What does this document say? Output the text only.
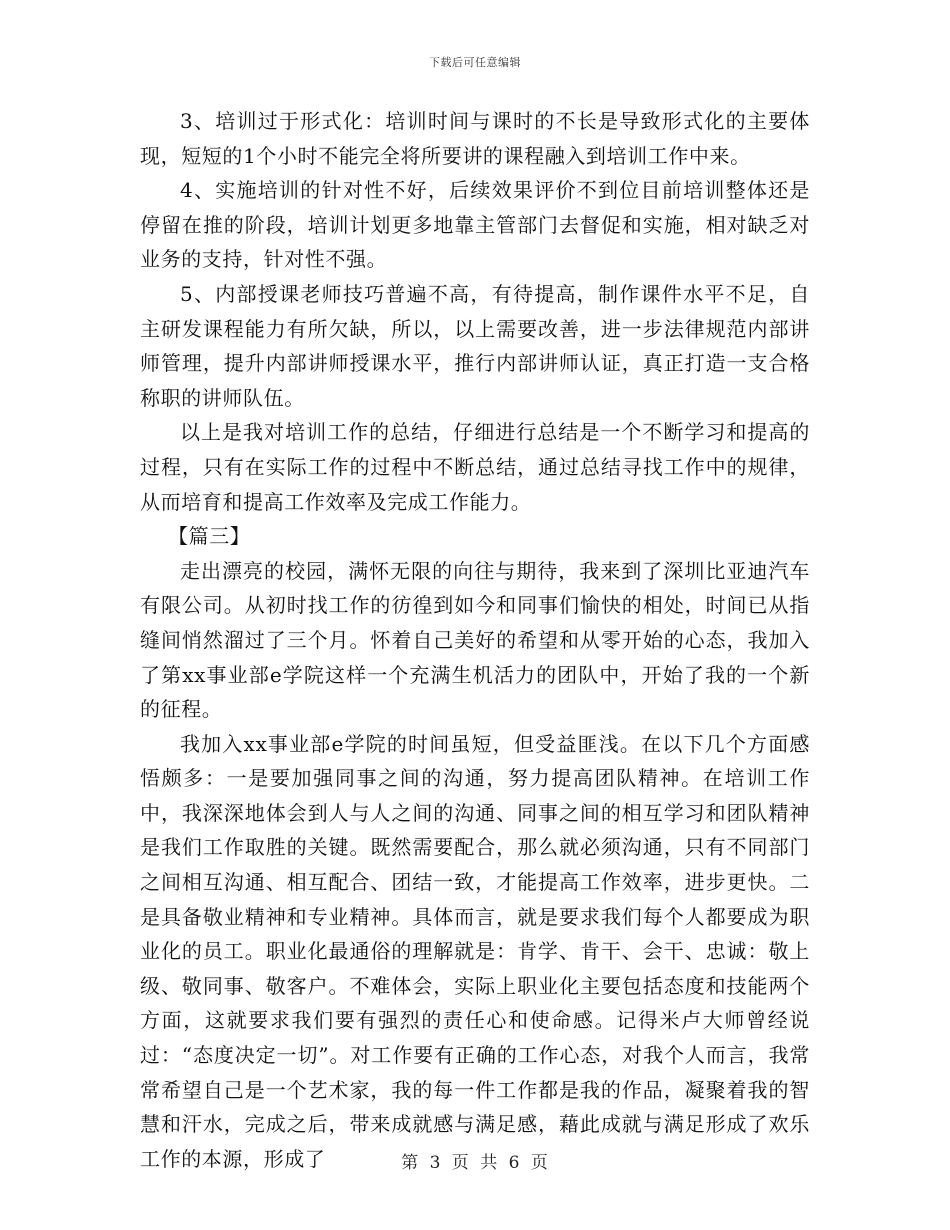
下载后可任意编辑

3、培训过于形式化：培训时间与课时的不长是导致形式化的主要体现，短短的1个小时不能完全将所要讲的课程融入到培训工作中来。

4、实施培训的针对性不好，后续效果评价不到位目前培训整体还是停留在推的阶段，培训计划更多地靠主管部门去督促和实施，相对缺乏对业务的支持，针对性不强。

5、内部授课老师技巧普遍不高，有待提高，制作课件水平不足，自主研发课程能力有所欠缺，所以，以上需要改善，进一步法律规范内部讲师管理，提升内部讲师授课水平，推行内部讲师认证，真正打造一支合格称职的讲师队伍。

以上是我对培训工作的总结，仔细进行总结是一个不断学习和提高的过程，只有在实际工作的过程中不断总结，通过总结寻找工作中的规律，从而培育和提高工作效率及完成工作能力。

【篇三】

走出漂亮的校园，满怀无限的向往与期待，我来到了深圳比亚迪汽车有限公司。从初时找工作的彷徨到如今和同事们愉快的相处，时间已从指缝间悄然溜过了三个月。怀着自己美好的希望和从零开始的心态，我加入了第xx事业部e学院这样一个充满生机活力的团队中，开始了我的一个新的征程。

我加入xx事业部e学院的时间虽短，但受益匪浅。在以下几个方面感悟颇多：一是要加强同事之间的沟通，努力提高团队精神。在培训工作中，我深深地体会到人与人之间的沟通、同事之间的相互学习和团队精神是我们工作取胜的关键。既然需要配合，那么就必须沟通，只有不同部门之间相互沟通、相互配合、团结一致，才能提高工作效率，进步更快。二是具备敬业精神和专业精神。具体而言，就是要求我们每个人都要成为职业化的员工。职业化最通俗的理解就是：肯学、肯干、会干、忠诚：敬上级、敬同事、敬客户。不难体会，实际上职业化主要包括态度和技能两个方面，这就要求我们要有强烈的责任心和使命感。记得米卢大师曾经说过：“态度决定一切”。对工作要有正确的工作心态，对我个人而言，我常常希望自己是一个艺术家，我的每一件工作都是我的作品，凝聚着我的智慧和汗水，完成之后，带来成就感与满足感，藉此成就与满足形成了欢乐工作的本源，形成了	第 3 页 共 6 页
